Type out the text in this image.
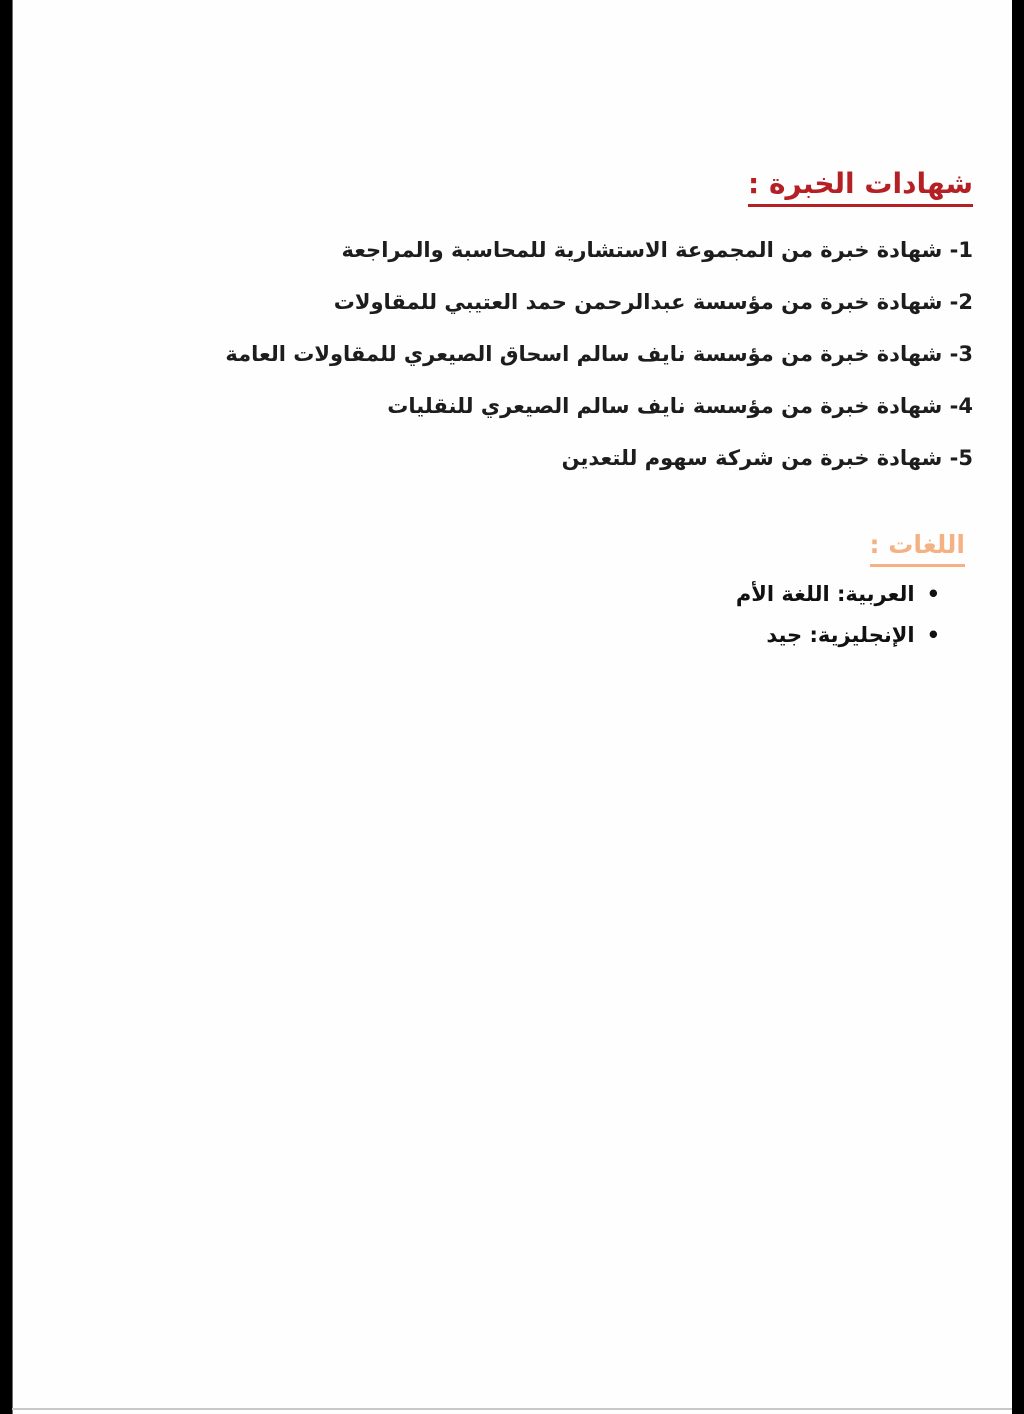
شهادات الخبرة :
1- شهادة خبرة من المجموعة الاستشارية للمحاسبة والمراجعة
2- شهادة خبرة من مؤسسة عبدالرحمن حمد العتيبي للمقاولات
3- شهادة خبرة من مؤسسة نايف سالم اسحاق الصيعري للمقاولات العامة
4- شهادة خبرة من مؤسسة نايف سالم الصيعري للنقليات
5- شهادة خبرة من شركة سهوم للتعدين
اللغات :
•
العربية: اللغة الأم
•
الإنجليزية: جيد
